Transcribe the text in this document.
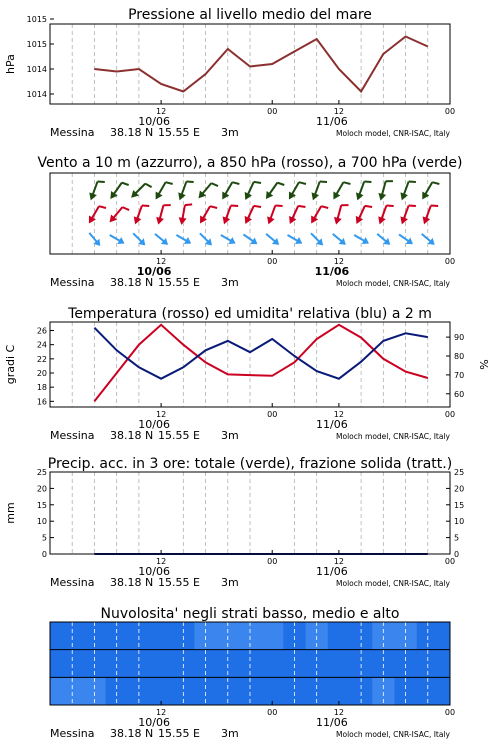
Pressione al livello medio del mare
1014
1014
1015
1015
hPa
12	00	12	00
10/06	11/06
Messina 38.18 N 15.55 E 3m	Moloch model, CNR-ISAC, Italy
Vento a 10 m (azzurro), a 850 hPa (rosso), a 700 hPa (verde)
12	00	12	00
10/06	11/06
Messina 38.18 N 15.55 E 3m	Moloch model, CNR-ISAC, Italy
Temperatura (rosso) ed umidita' relativa (blu) a 2 m
16
18
20
22
24
26
60
70
80
90
gradi C	%
12	00	12	00
10/06	11/06
Messina 38.18 N 15.55 E 3m	Moloch model, CNR-ISAC, Italy
Precip. acc. in 3 ore: totale (verde), frazione solida (tratt.)
0	0
5	5
10	10
15	15
20	20
25	25
mm
12	00	12	00
10/06	11/06
Messina 38.18 N 15.55 E 3m	Moloch model, CNR-ISAC, Italy
Nuvolosita' negli strati basso, medio e alto
12	00	12	00
10/06	11/06
Messina 38.18 N 15.55 E 3m	Moloch model, CNR-ISAC, Italy
